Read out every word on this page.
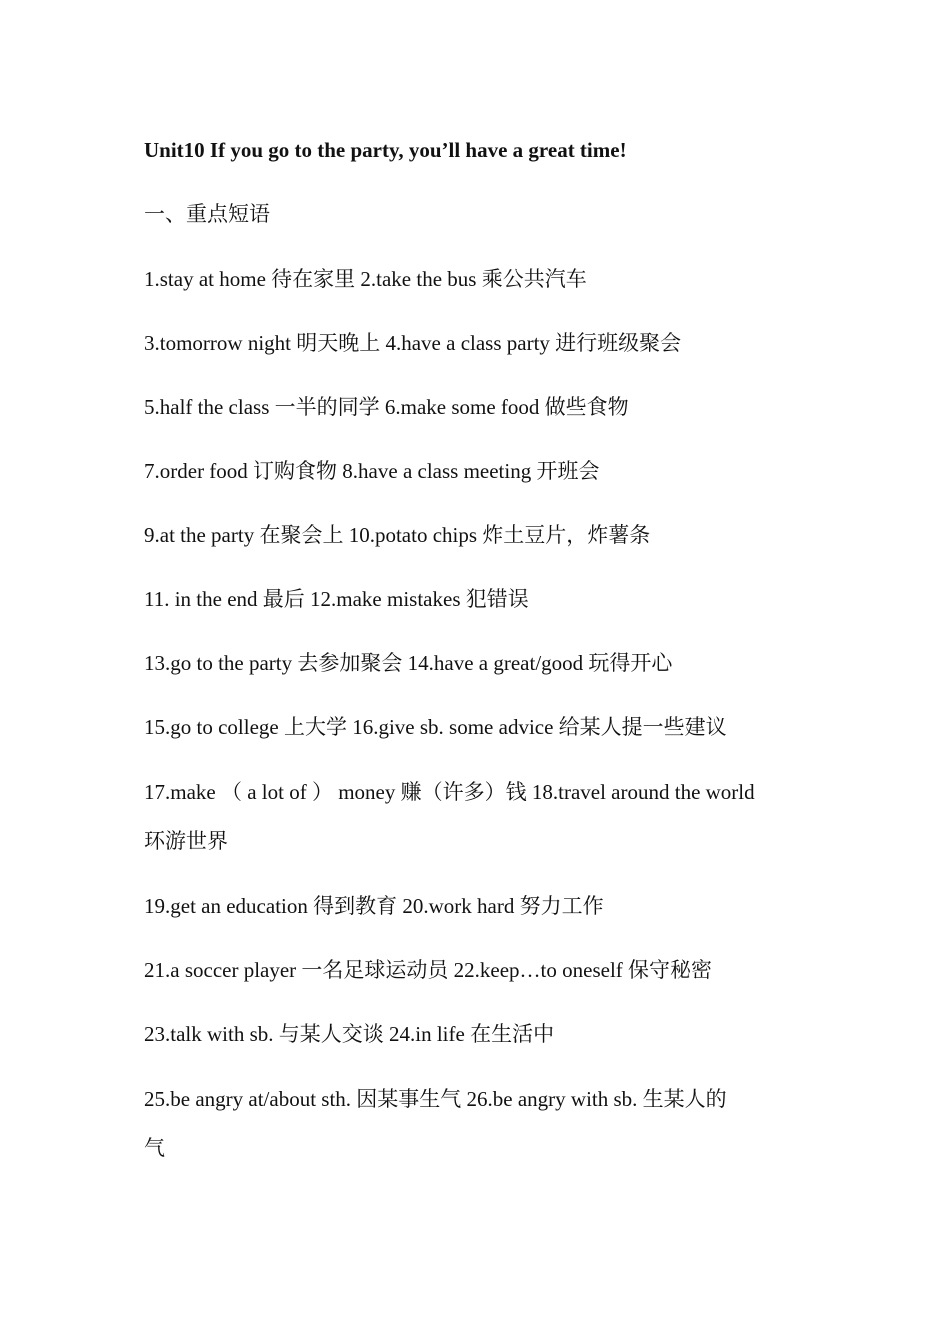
Unit10 If you go to the party, you’ll have a great time!
一、重点短语
1.stay at home 待在家里 2.take the bus 乘公共汽车
3.tomorrow night 明天晚上 4.have a class party 进行班级聚会
5.half the class 一半的同学 6.make some food 做些食物
7.order food 订购食物 8.have a class meeting 开班会
9.at the party 在聚会上 10.potato chips 炸土豆片，炸薯条
11. in the end 最后 12.make mistakes 犯错误
13.go to the party 去参加聚会 14.have a great/good 玩得开心
15.go to college 上大学 16.give sb. some advice 给某人提一些建议
17.make （ a lot of ） money 赚（许多）钱 18.travel around the world
环游世界
19.get an education 得到教育 20.work hard 努力工作
21.a soccer player 一名足球运动员 22.keep…to oneself 保守秘密
23.talk with sb. 与某人交谈 24.in life 在生活中
25.be angry at/about sth. 因某事生气 26.be angry with sb. 生某人的
气
